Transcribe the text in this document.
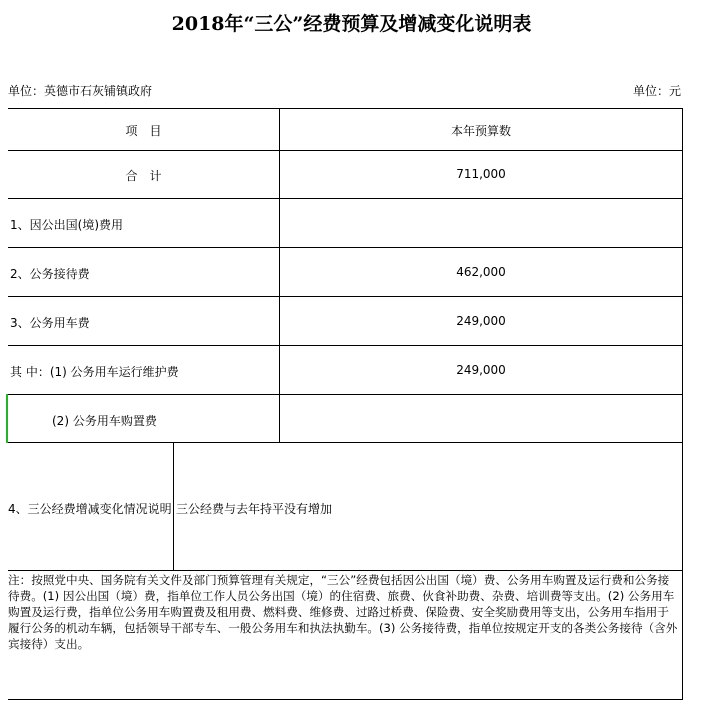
2018年“三公”经费预算及增减变化说明表
单位：英德市石灰铺镇政府	单位：元
项　目	本年预算数
合　计	711,000
1、因公出国(境)费用
2、公务接待费	462,000
3、公务用车费	249,000
其 中：(1) 公务用车运行维护费	249,000
(2) 公务用车购置费
4、三公经费增减变化情况说明 三公经费与去年持平没有增加
注：按照党中央、国务院有关文件及部门预算管理有关规定，“三公”经费包括因公出国（境）费、公务用车购置及运行费和公务接待费。(1) 因公出国（境）费，指单位工作人员公务出国（境）的住宿费、旅费、伙食补助费、杂费、培训费等支出。(2) 公务用车购置及运行费，指单位公务用车购置费及租用费、燃料费、维修费、过路过桥费、保险费、安全奖励费用等支出，公务用车指用于履行公务的机动车辆，包括领导干部专车、一般公务用车和执法执勤车。(3) 公务接待费，指单位按规定开支的各类公务接待（含外宾接待）支出。
